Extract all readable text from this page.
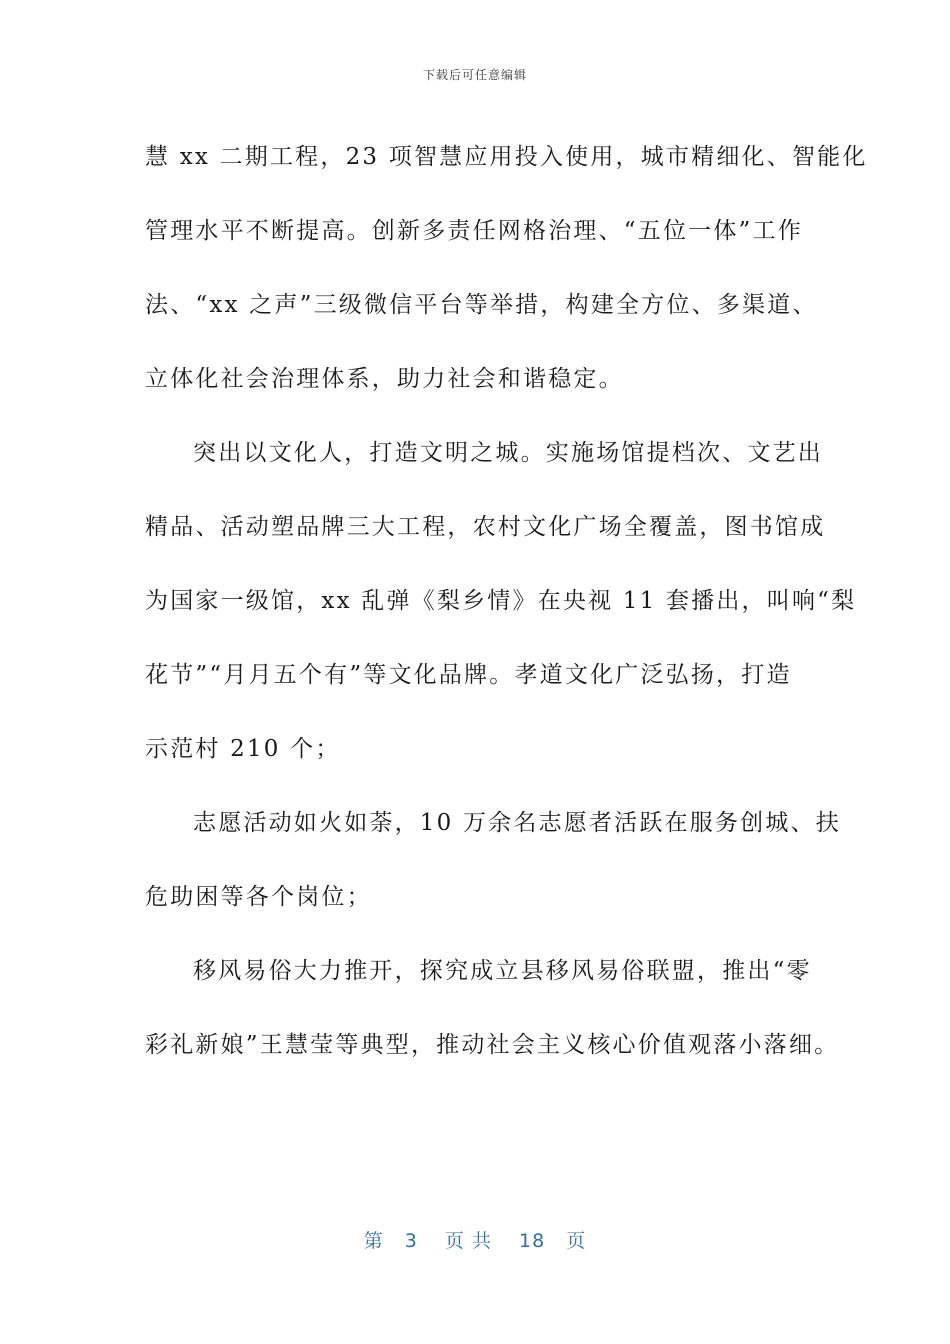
下载后可任意编辑

慧 xx 二期工程，23 项智慧应用投入使用，城市精细化、智能化
管理水平不断提高。创新多责任网格治理、“五位一体”工作
法、“xx 之声”三级微信平台等举措，构建全方位、多渠道、
立体化社会治理体系，助力社会和谐稳定。

突出以文化人，打造文明之城。实施场馆提档次、文艺出
精品、活动塑品牌三大工程，农村文化广场全覆盖，图书馆成
为国家一级馆，xx 乱弹《梨乡情》在央视 11 套播出，叫响“梨
花节”“月月五个有”等文化品牌。孝道文化广泛弘扬，打造
示范村 210 个；

志愿活动如火如荼，10 万余名志愿者活跃在服务创城、扶
危助困等各个岗位；

移风易俗大力推开，探究成立县移风易俗联盟，推出“零
彩礼新娘”王慧莹等典型，推动社会主义核心价值观落小落细。

第 3 页 共 18 页
